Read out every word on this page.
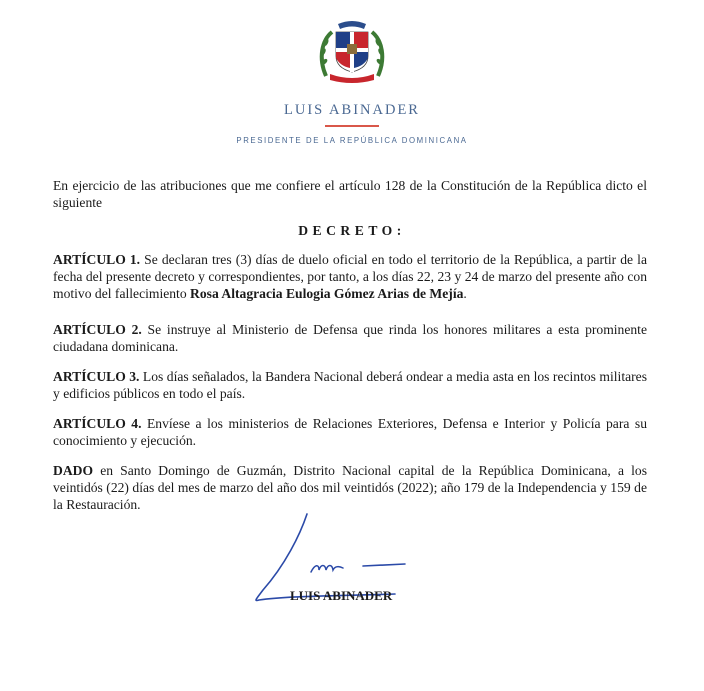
LUIS ABINADER
PRESIDENTE DE LA REPÚBLICA DOMINICANA

En ejercicio de las atribuciones que me confiere el artículo 128 de la Constitución de la República dicto el siguiente

DECRETO:

ARTÍCULO 1. Se declaran tres (3) días de duelo oficial en todo el territorio de la República, a partir de la fecha del presente decreto y correspondientes, por tanto, a los días 22, 23 y 24 de marzo del presente año con motivo del fallecimiento Rosa Altagracia Eulogia Gómez Arias de Mejía.

ARTÍCULO 2. Se instruye al Ministerio de Defensa que rinda los honores militares a esta prominente ciudadana dominicana.

ARTÍCULO 3. Los días señalados, la Bandera Nacional deberá ondear a media asta en los recintos militares y edificios públicos en todo el país.

ARTÍCULO 4. Envíese a los ministerios de Relaciones Exteriores, Defensa e Interior y Policía para su conocimiento y ejecución.

DADO en Santo Domingo de Guzmán, Distrito Nacional capital de la República Dominicana, a los veintidós (22) días del mes de marzo del año dos mil veintidós (2022); año 179 de la Independencia y 159 de la Restauración.

LUIS ABINADER
